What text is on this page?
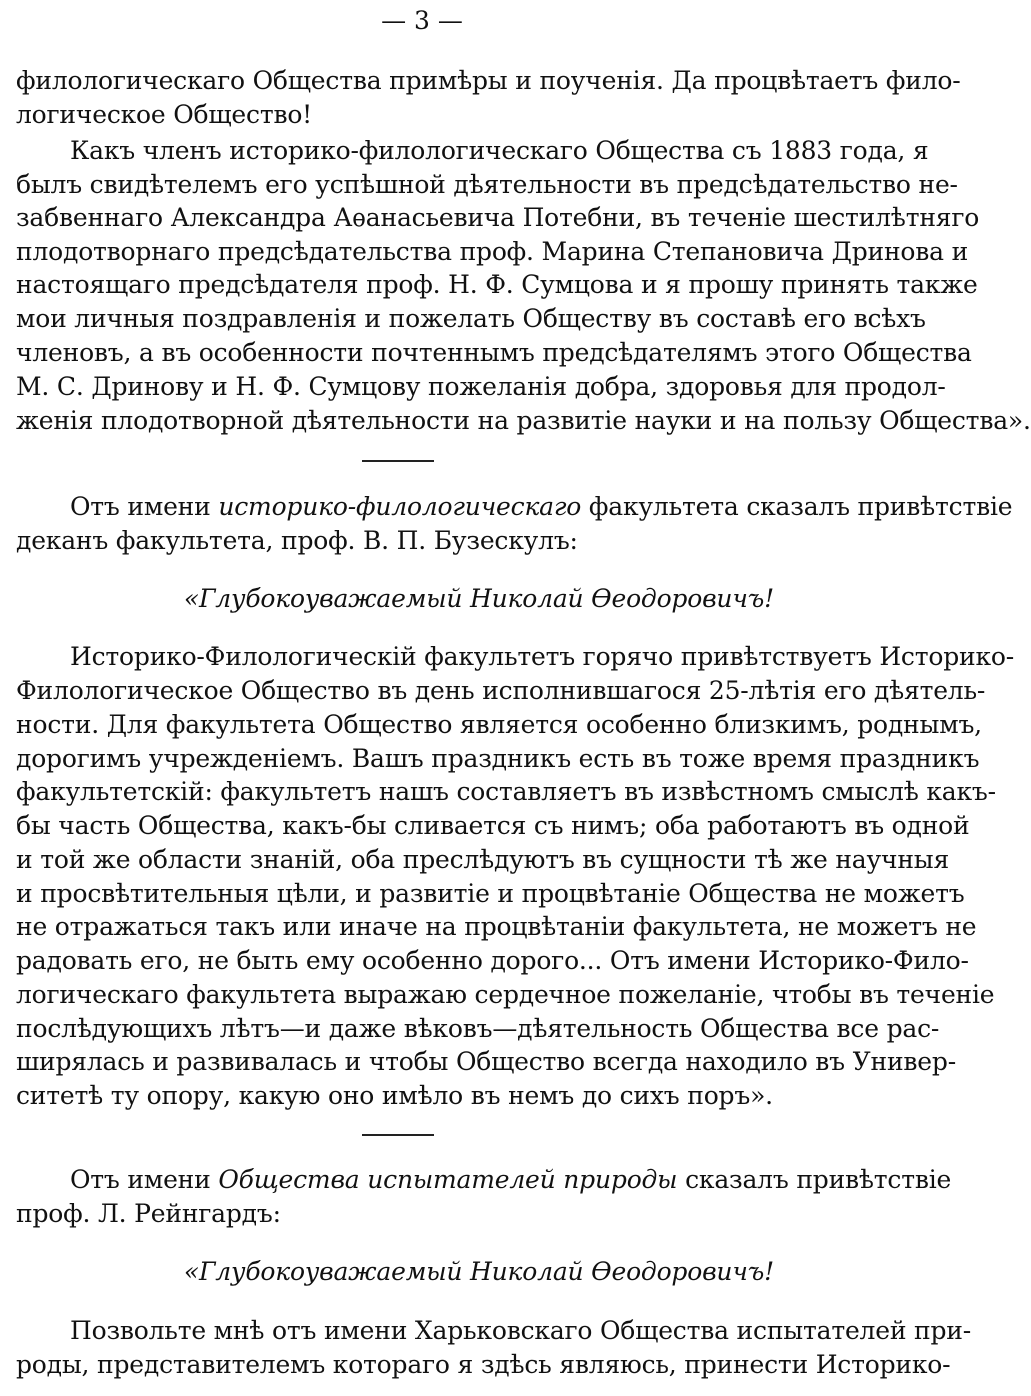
— 3 —
филологическаго Общества примѣры и поученія. Да процвѣтаетъ фило-
логическое Общество!
Какъ членъ историко-филологическаго Общества съ 1883 года, я
былъ свидѣтелемъ его успѣшной дѣятельности въ предсѣдательство не-
забвеннаго Александра Аѳанасьевича Потебни, въ теченіе шестилѣтняго
плодотворнаго предсѣдательства проф. Марина Степановича Дринова и
настоящаго предсѣдателя проф. Н. Ф. Сумцова и я прошу принять также
мои личныя поздравленія и пожелать Обществу въ составѣ его всѣхъ
членовъ, а въ особенности почтеннымъ предсѣдателямъ этого Общества
М. С. Дринову и Н. Ф. Сумцову пожеланія добра, здоровья для продол-
женія плодотворной дѣятельности на развитіе науки и на пользу Общества».
Отъ имени историко-филологическаго факультета сказалъ привѣтствіе
деканъ факультета, проф. В. П. Бузескулъ:
«Глубокоуважаемый Николай Ѳеодоровичъ!
Историко-Филологическій факультетъ горячо привѣтствуетъ Историко-
Филологическое Общество въ день исполнившагося 25-лѣтія его дѣятель-
ности. Для факультета Общество является особенно близкимъ, роднымъ,
дорогимъ учрежденіемъ. Вашъ праздникъ есть въ тоже время праздникъ
факультетскій: факультетъ нашъ составляетъ въ извѣстномъ смыслѣ какъ-
бы часть Общества, какъ-бы сливается съ нимъ; оба работаютъ въ одной
и той же области знаній, оба преслѣдуютъ въ сущности тѣ же научныя
и просвѣтительныя цѣли, и развитіе и процвѣтаніе Общества не можетъ
не отражаться такъ или иначе на процвѣтаніи факультета, не можетъ не
радовать его, не быть ему особенно дорого... Отъ имени Историко-Фило-
логическаго факультета выражаю сердечное пожеланіе, чтобы въ теченіе
послѣдующихъ лѣтъ—и даже вѣковъ—дѣятельность Общества все рас-
ширялась и развивалась и чтобы Общество всегда находило въ Универ-
ситетѣ ту опору, какую оно имѣло въ немъ до сихъ поръ».
Отъ имени Общества испытателей природы сказалъ привѣтствіе
проф. Л. Рейнгардъ:
«Глубокоуважаемый Николай Ѳеодоровичъ!
Позвольте мнѣ отъ имени Харьковскаго Общества испытателей при-
роды, представителемъ котораго я здѣсь являюсь, принести Историко-
